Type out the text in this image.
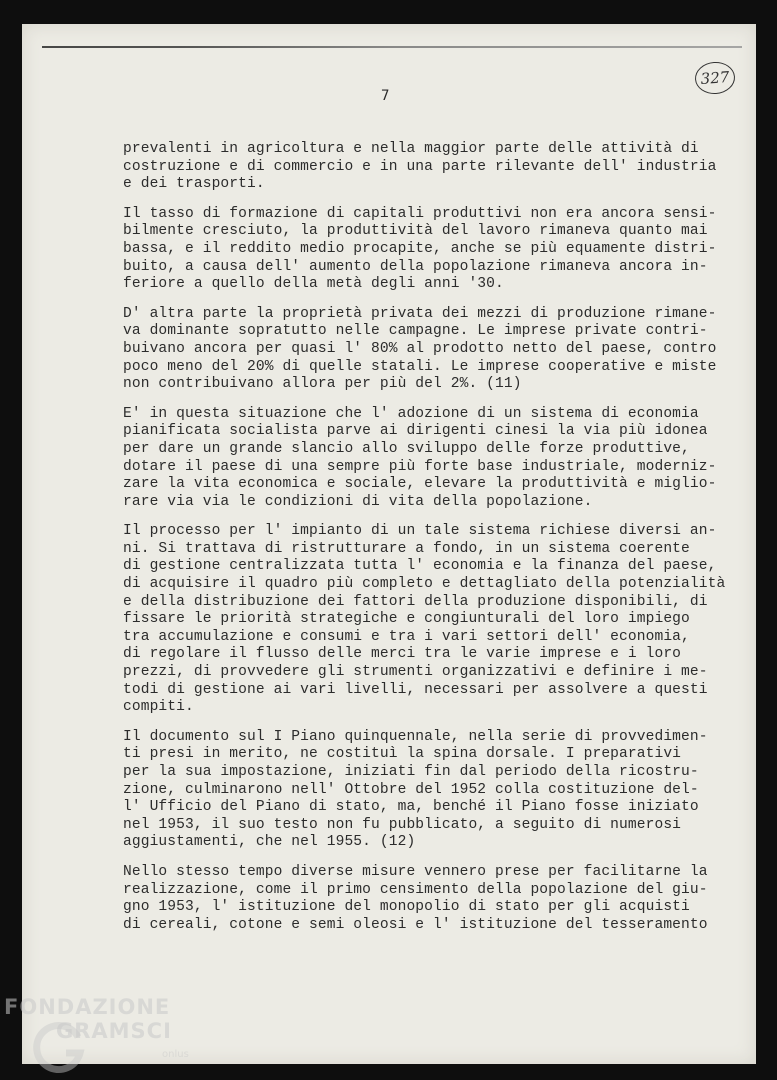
327
7
prevalenti in agricoltura e nella maggior parte delle attività di
costruzione e di commercio e in una parte rilevante dell' industria
e dei trasporti.
Il tasso di formazione di capitali produttivi non era ancora sensi-
bilmente cresciuto, la produttività del lavoro rimaneva quanto mai
bassa, e il reddito medio procapite, anche se più equamente distri-
buito, a causa dell' aumento della popolazione rimaneva ancora in-
feriore a quello della metà degli anni '30.
D' altra parte la proprietà privata dei mezzi di produzione rimane-
va dominante sopratutto nelle campagne. Le imprese private contri-
buivano ancora per quasi l' 80% al prodotto netto del paese, contro
poco meno del 20% di quelle statali. Le imprese cooperative e miste
non contribuivano allora per più del 2%. (11)
E' in questa situazione che l' adozione di un sistema di economia
pianificata socialista parve ai dirigenti cinesi la via più idonea
per dare un grande slancio allo sviluppo delle forze produttive,
dotare il paese di una sempre più forte base industriale, moderniz-
zare la vita economica e sociale, elevare la produttività e miglio-
rare via via le condizioni di vita della popolazione.
Il processo per l' impianto di un tale sistema richiese diversi an-
ni. Si trattava di ristrutturare a fondo, in un sistema coerente
di gestione centralizzata tutta l' economia e la finanza del paese,
di acquisire il quadro più completo e dettagliato della potenzialità
e della distribuzione dei fattori della produzione disponibili, di
fissare le priorità strategiche e congiunturali del loro impiego
tra accumulazione e consumi e tra i vari settori dell' economia,
di regolare il flusso delle merci tra le varie imprese e i loro
prezzi, di provvedere gli strumenti organizzativi e definire i me-
todi di gestione ai vari livelli, necessari per assolvere a questi
compiti.
Il documento sul I Piano quinquennale, nella serie di provvedimen-
ti presi in merito, ne costituì la spina dorsale. I preparativi
per la sua impostazione, iniziati fin dal periodo della ricostru-
zione, culminarono nell' Ottobre del 1952 colla costituzione del-
l' Ufficio del Piano di stato, ma, benché il Piano fosse iniziato
nel 1953, il suo testo non fu pubblicato, a seguito di numerosi
aggiustamenti, che nel 1955. (12)
Nello stesso tempo diverse misure vennero prese per facilitarne la
realizzazione, come il primo censimento della popolazione del giu-
gno 1953, l' istituzione del monopolio di stato per gli acquisti
di cereali, cotone e semi oleosi e l' istituzione del tesseramento
FONDAZIONE
GRAMSCI
onlus
